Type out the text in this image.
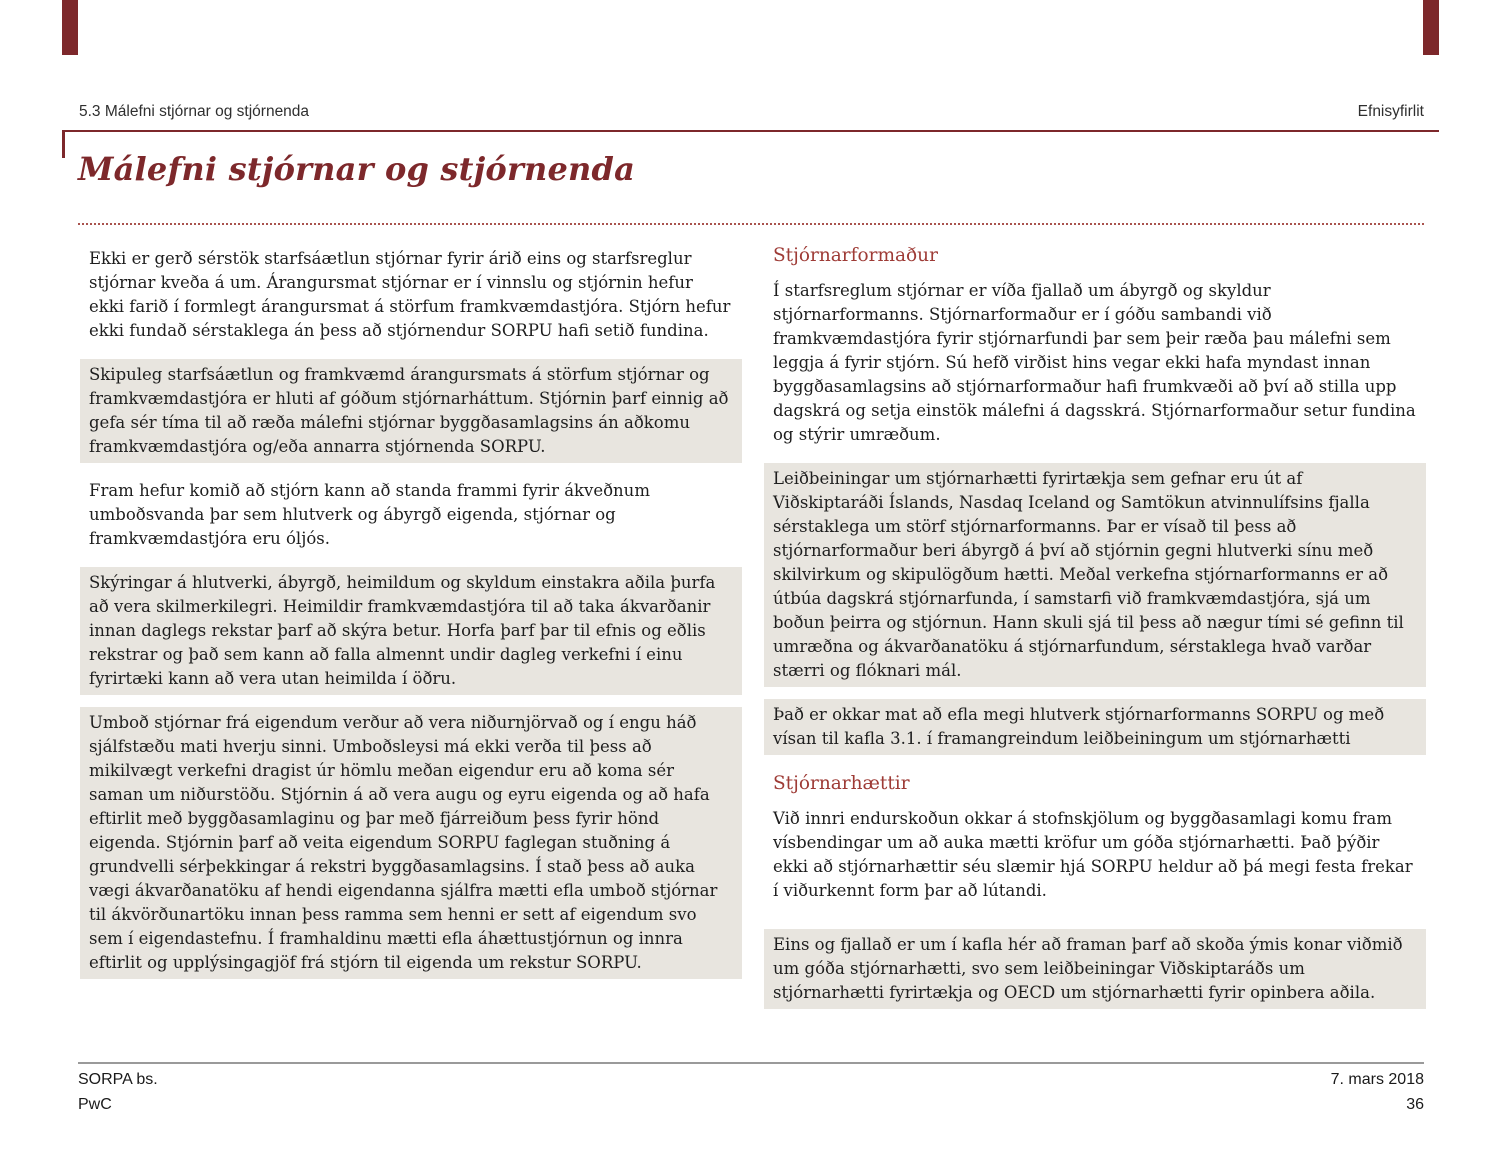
5.3 Málefni stjórnar og stjórnenda	Efnisyfirlit
Málefni stjórnar og stjórnenda

Ekki er gerð sérstök starfsáætlun stjórnar fyrir árið eins og starfsreglur stjórnar kveða á um. Árangursmat stjórnar er í vinnslu og stjórnin hefur ekki farið í formlegt árangursmat á störfum framkvæmdastjóra. Stjórn hefur ekki fundað sérstaklega án þess að stjórnendur SORPU hafi setið fundina.

Skipuleg starfsáætlun og framkvæmd árangursmats á störfum stjórnar og framkvæmdastjóra er hluti af góðum stjórnarháttum. Stjórnin þarf einnig að gefa sér tíma til að ræða málefni stjórnar byggðasamlagsins án aðkomu framkvæmdastjóra og/eða annarra stjórnenda SORPU.

Fram hefur komið að stjórn kann að standa frammi fyrir ákveðnum umboðsvanda þar sem hlutverk og ábyrgð eigenda, stjórnar og framkvæmdastjóra eru óljós.

Skýringar á hlutverki, ábyrgð, heimildum og skyldum einstakra aðila þurfa að vera skilmerkilegri. Heimildir framkvæmdastjóra til að taka ákvarðanir innan daglegs rekstar þarf að skýra betur. Horfa þarf þar til efnis og eðlis rekstrar og það sem kann að falla almennt undir dagleg verkefni í einu fyrirtæki kann að vera utan heimilda í öðru.

Umboð stjórnar frá eigendum verður að vera niðurnjörvað og í engu háð sjálfstæðu mati hverju sinni. Umboðsleysi má ekki verða til þess að mikilvægt verkefni dragist úr hömlu meðan eigendur eru að koma sér saman um niðurstöðu. Stjórnin á að vera augu og eyru eigenda og að hafa eftirlit með byggðasamlaginu og þar með fjárreiðum þess fyrir hönd eigenda. Stjórnin þarf að veita eigendum SORPU faglegan stuðning á grundvelli sérþekkingar á rekstri byggðasamlagsins. Í stað þess að auka vægi ákvarðanatöku af hendi eigendanna sjálfra mætti efla umboð stjórnar til ákvörðunartöku innan þess ramma sem henni er sett af eigendum svo sem í eigendastefnu. Í framhaldinu mætti efla áhættustjórnun og innra eftirlit og upplýsingagjöf frá stjórn til eigenda um rekstur SORPU.

Stjórnarformaður

Í starfsreglum stjórnar er víða fjallað um ábyrgð og skyldur stjórnarformanns. Stjórnarformaður er í góðu sambandi við framkvæmdastjóra fyrir stjórnarfundi þar sem þeir ræða þau málefni sem leggja á fyrir stjórn. Sú hefð virðist hins vegar ekki hafa myndast innan byggðasamlagsins að stjórnarformaður hafi frumkvæði að því að stilla upp dagskrá og setja einstök málefni á dagsskrá. Stjórnarformaður setur fundina og stýrir umræðum.

Leiðbeiningar um stjórnarhætti fyrirtækja sem gefnar eru út af Viðskiptaráði Íslands, Nasdaq Iceland og Samtökun atvinnulífsins fjalla sérstaklega um störf stjórnarformanns. Þar er vísað til þess að stjórnarformaður beri ábyrgð á því að stjórnin gegni hlutverki sínu með skilvirkum og skipulögðum hætti. Meðal verkefna stjórnarformanns er að útbúa dagskrá stjórnarfunda, í samstarfi við framkvæmdastjóra, sjá um boðun þeirra og stjórnun. Hann skuli sjá til þess að nægur tími sé gefinn til umræðna og ákvarðanatöku á stjórnarfundum, sérstaklega hvað varðar stærri og flóknari mál.

Það er okkar mat að efla megi hlutverk stjórnarformanns SORPU og með vísan til kafla 3.1. í framangreindum leiðbeiningum um stjórnarhætti

Stjórnarhættir

Við innri endurskoðun okkar á stofnskjölum og byggðasamlagi komu fram vísbendingar um að auka mætti kröfur um góða stjórnarhætti. Það þýðir ekki að stjórnarhættir séu slæmir hjá SORPU heldur að þá megi festa frekar í viðurkennt form þar að lútandi.

Eins og fjallað er um í kafla hér að framan þarf að skoða ýmis konar viðmið um góða stjórnarhætti, svo sem leiðbeiningar Viðskiptaráðs um stjórnarhætti fyrirtækja og OECD um stjórnarhætti fyrir opinbera aðila.

SORPA bs.	7. mars 2018
PwC	36
